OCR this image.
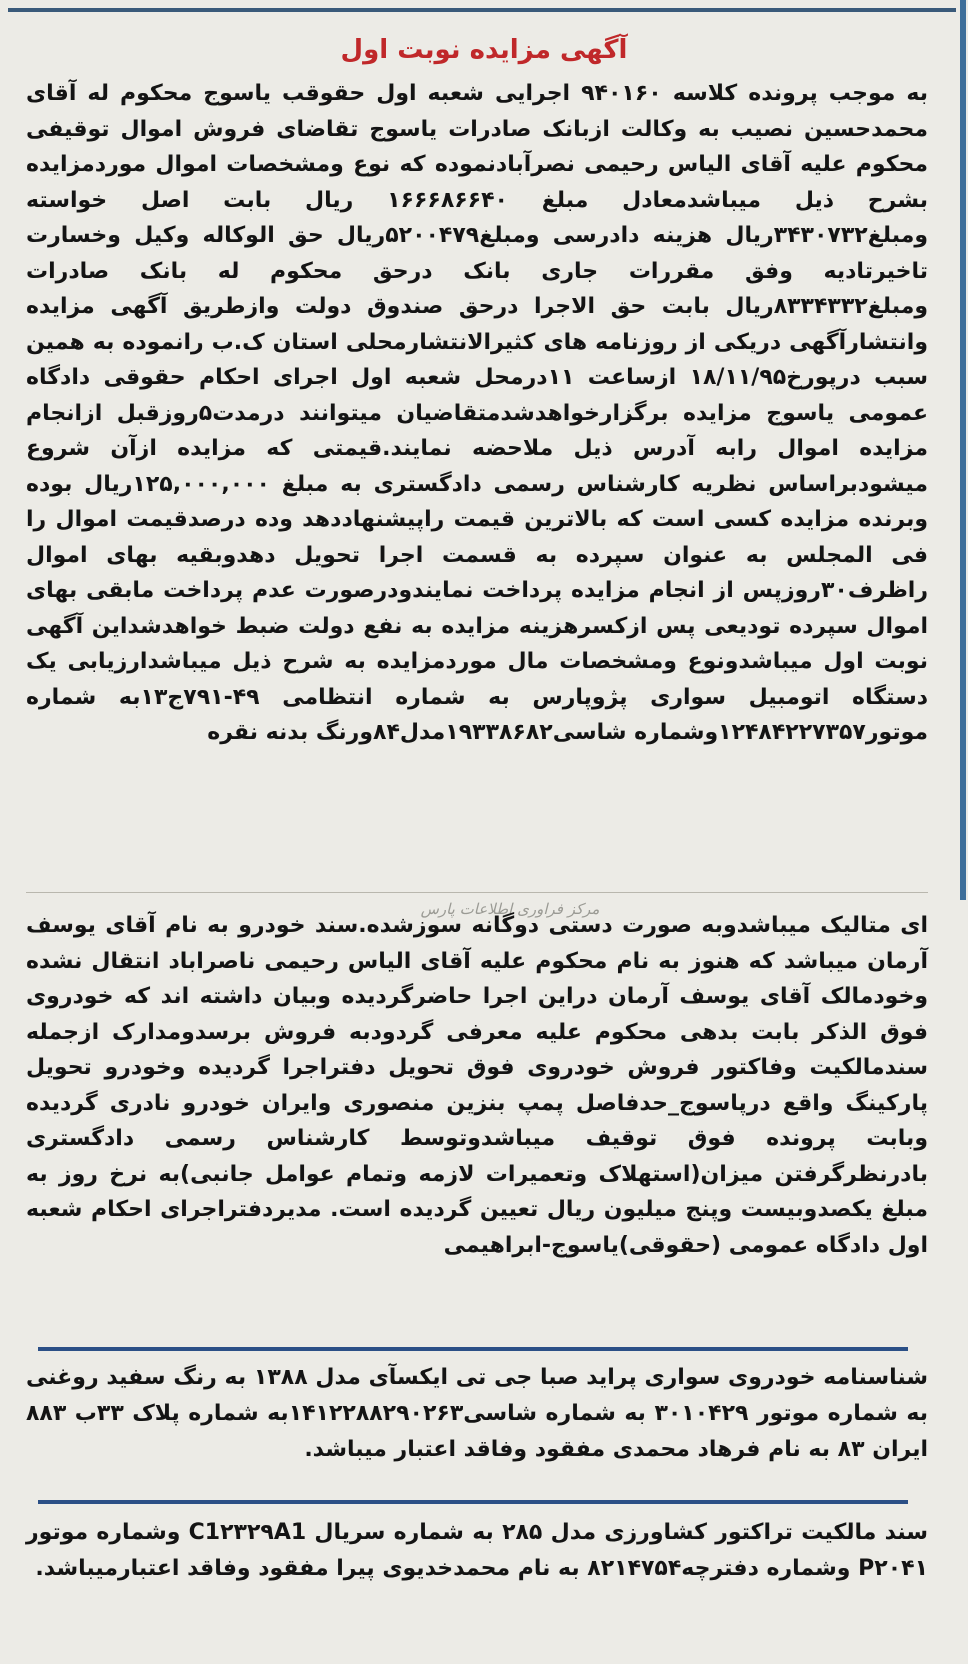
آگهی مزایده نوبت اول

به موجب پرونده کلاسه ۹۴۰۱۶۰ اجرایی شعبه اول حقوقب یاسوج محکوم له آقای محمدحسین نصیب به وکالت ازبانک صادرات یاسوج تقاضای فروش اموال توقیفی محکوم علیه آقای الیاس رحیمی نصرآبادنموده که نوع ومشخصات اموال موردمزایده بشرح ذیل میباشدمعادل مبلغ ۱۶۶۶۸۶۶۴۰ ریال بابت اصل خواسته ومبلغ۳۴۳۰۷۳۲ریال هزینه دادرسی ومبلغ۵۲۰۰۴۷۹ریال حق الوکاله وکیل وخسارت تاخیرتادیه وفق مقررات جاری بانک درحق محکوم له بانک صادرات ومبلغ۸۳۳۴۳۳۲ریال بابت حق الاجرا درحق صندوق دولت وازطریق آگهی مزایده وانتشارآگهی دریکی از روزنامه های کثیرالانتشارمحلی استان ک.ب رانموده به همین سبب درپورخ۱۸/۱۱/۹۵ ازساعت ۱۱درمحل شعبه اول اجرای احکام حقوقی دادگاه عمومی یاسوج مزایده برگزارخواهدشدمتقاضیان میتوانند درمدت۵روزقبل ازانجام مزایده اموال رابه آدرس ذیل ملاحضه نمایند.قیمتی که مزایده ازآن شروع میشودبراساس نظریه کارشناس رسمی دادگستری به مبلغ ۱۲۵,۰۰۰,۰۰۰ریال بوده وبرنده مزایده کسی است که بالاترین قیمت راپیشنهاددهد وده درصدقیمت اموال را فی المجلس به عنوان سپرده به قسمت اجرا تحویل دهدوبقیه بهای اموال راظرف۳۰روزپس از انجام مزایده پرداخت نمایندودرصورت عدم پرداخت مابقی بهای اموال سپرده تودیعی پس ازکسرهزینه مزایده به نفع دولت ضبط خواهدشداین آگهی نوبت اول میباشدونوع ومشخصات مال موردمزایده به شرح ذیل میباشدارزیابی یک دستگاه اتومبیل سواری پژوپارس به شماره انتظامی ۴۹-۷۹۱ج۱۳به شماره موتور۱۲۴۸۴۲۲۷۳۵۷وشماره شاسی۱۹۳۳۸۶۸۲مدل۸۴ورنگ بدنه نقره

مرکز فراوری اطلاعات پارس

ای متالیک میباشدوبه صورت دستی دوگانه سوزشده.سند خودرو به نام آقای یوسف آرمان میباشد که هنوز به نام محکوم علیه آقای الیاس رحیمی ناصراباد انتقال نشده وخودمالک آقای یوسف آرمان دراین اجرا حاضرگردیده وبیان داشته اند که خودروی فوق الذکر بابت بدهی محکوم علیه معرفی گردودبه فروش برسدومدارک ازجمله سندمالکیت وفاکتور فروش خودروی فوق تحویل دفتراجرا گردیده وخودرو تحویل پارکینگ واقع درپاسوج_حدفاصل پمپ بنزین منصوری وایران خودرو نادری گردیده وبابت پرونده فوق توقیف میباشدوتوسط کارشناس رسمی دادگستری بادرنظرگرفتن میزان(استهلاک وتعمیرات لازمه وتمام عوامل جانبی)به نرخ روز به مبلغ یکصدوبیست وپنج میلیون ریال تعیین گردیده است. مدیردفتراجرای احکام شعبه اول دادگاه عمومی (حقوقی)یاسوج-ابراهیمی

شناسنامه خودروی سواری پراید صبا جی تی ایکسآی مدل ۱۳۸۸ به رنگ سفید روغنی به شماره موتور ۳۰۱۰۴۲۹ به شماره شاسی۱۴۱۲۲۸۸۲۹۰۲۶۳به شماره پلاک ۳۳ب ۸۸۳ ایران ۸۳ به نام فرهاد محمدی مفقود وفاقد اعتبار میباشد.

سند مالکیت تراکتور کشاورزی مدل ۲۸۵ به شماره سریال C1۲۳۲۹A1 وشماره موتور P۲۰۴۱ وشماره دفترچه۸۲۱۴۷۵۴ به نام محمدخدیوی پیرا مفقود وفاقد اعتبارمیباشد.
